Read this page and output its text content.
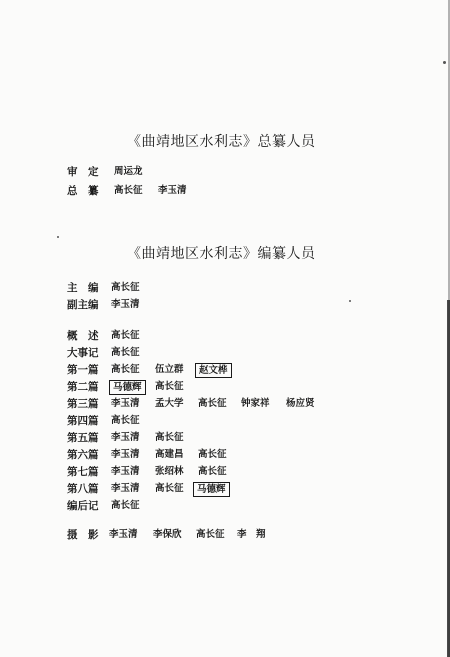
《曲靖地区水利志》总纂人员
审　定 周运龙
总　纂 高长征 李玉清
《曲靖地区水利志》编纂人员
主　编 高长征
副主编 李玉清
概　述 高长征
大事记 高长征
第一篇 高长征 伍立群	赵文桦
第二篇	马德辉	高长征
第三篇 李玉清 孟大学 高长征 钟家祥 杨应贤
第四篇 高长征
第五篇 李玉清 高长征
第六篇 李玉清 高建昌 高长征
第七篇 李玉清 张绍林 高长征
第八篇 李玉清 高长征	马德辉
编后记 高长征
摄　影 李玉清 李保欣 高长征 李　翔
